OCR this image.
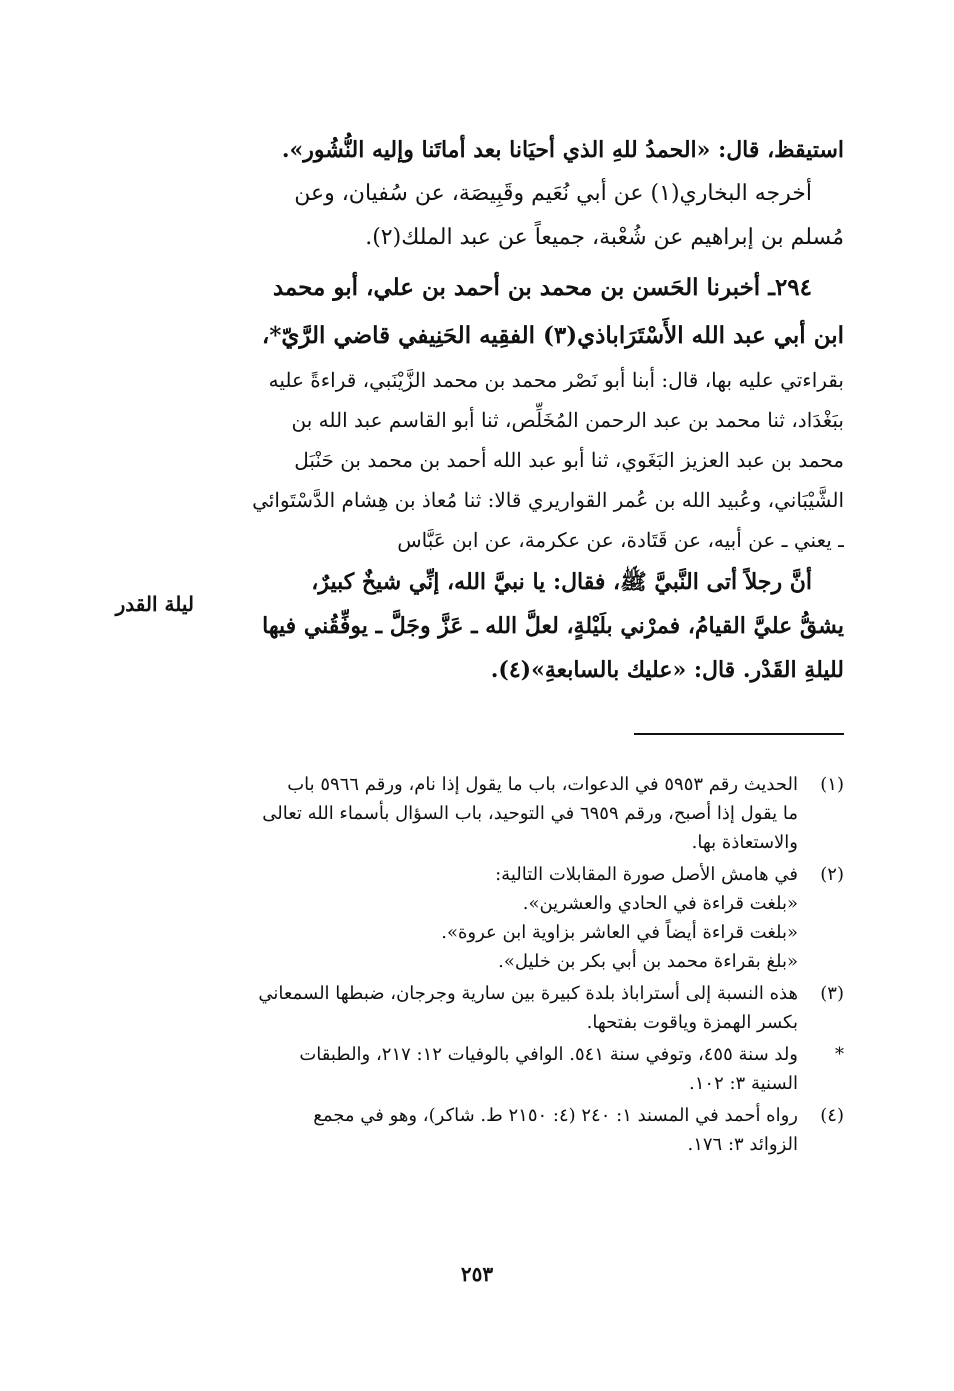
استيقظ، قال: «الحمدُ للهِ الذي أحيَانا بعد أماتَنا وإليه النُّشُور».
أخرجه البخاري(١) عن أبي نُعَيم وقَبِيصَة، عن سُفيان، وعن
مُسلم بن إبراهيم عن شُعْبة، جميعاً عن عبد الملك(٢).
٢٩٤ـ أخبرنا الحَسن بن محمد بن أحمد بن علي، أبو محمد
ابن أبي عبد الله الأَسْتَرَاباذي(٣) الفقِيه الحَنِيفي قاضي الرَّيّ*،
بقراءتي عليه بها، قال: أبنا أبو نَصْر محمد بن محمد الزَّيْنَبي، قراءةً عليه
ببَغْدَاد، ثنا محمد بن عبد الرحمن المُخَلِّص، ثنا أبو القاسم عبد الله بن
محمد بن عبد العزيز البَغَوي، ثنا أبو عبد الله أحمد بن محمد بن حَنْبَل
الشَّيْبَاني، وعُبيد الله بن عُمر القواريري قالا: ثنا مُعاذ بن هِشام الدَّسْتَوائي
ـ يعني ـ عن أبيه، عن قَتَادة، عن عكرمة، عن ابن عَبَّاس
أنَّ رجلاً أتى النَّبيَّ ﷺ، فقال: يا نبيَّ الله، إنِّي شيخٌ كبيرٌ،
يشقُّ عليَّ القيامُ، فمرْني بلَيْلةٍ، لعلَّ الله ـ عَزَّ وجَلَّ ـ يوفِّقُني فيها
لليلةِ القَدْر. قال: «عليك بالسابعةِ»(٤).
ليلة القدر
(١)
الحديث رقم ٥٩٥٣ في الدعوات، باب ما يقول إذا نام، ورقم ٥٩٦٦ باب
ما يقول إذا أصبح، ورقم ٦٩٥٩ في التوحيد، باب السؤال بأسماء الله تعالى
والاستعاذة بها.
(٢)
في هامش الأصل صورة المقابلات التالية:
«بلغت قراءة في الحادي والعشرين».
«بلغت قراءة أيضاً في العاشر بزاوية ابن عروة».
«بلغ بقراءة محمد بن أبي بكر بن خليل».
(٣)
هذه النسبة إلى أستراباذ بلدة كبيرة بين سارية وجرجان، ضبطها السمعاني
بكسر الهمزة وياقوت بفتحها.
*
ولد سنة ٤٥٥، وتوفي سنة ٥٤١. الوافي بالوفيات ١٢: ٢١٧، والطبقات
السنية ٣: ١٠٢.
(٤)
رواه أحمد في المسند ١: ٢٤٠ (٤: ٢١٥٠ ط. شاكر)، وهو في مجمع
الزوائد ٣: ١٧٦.
٢٥٣
